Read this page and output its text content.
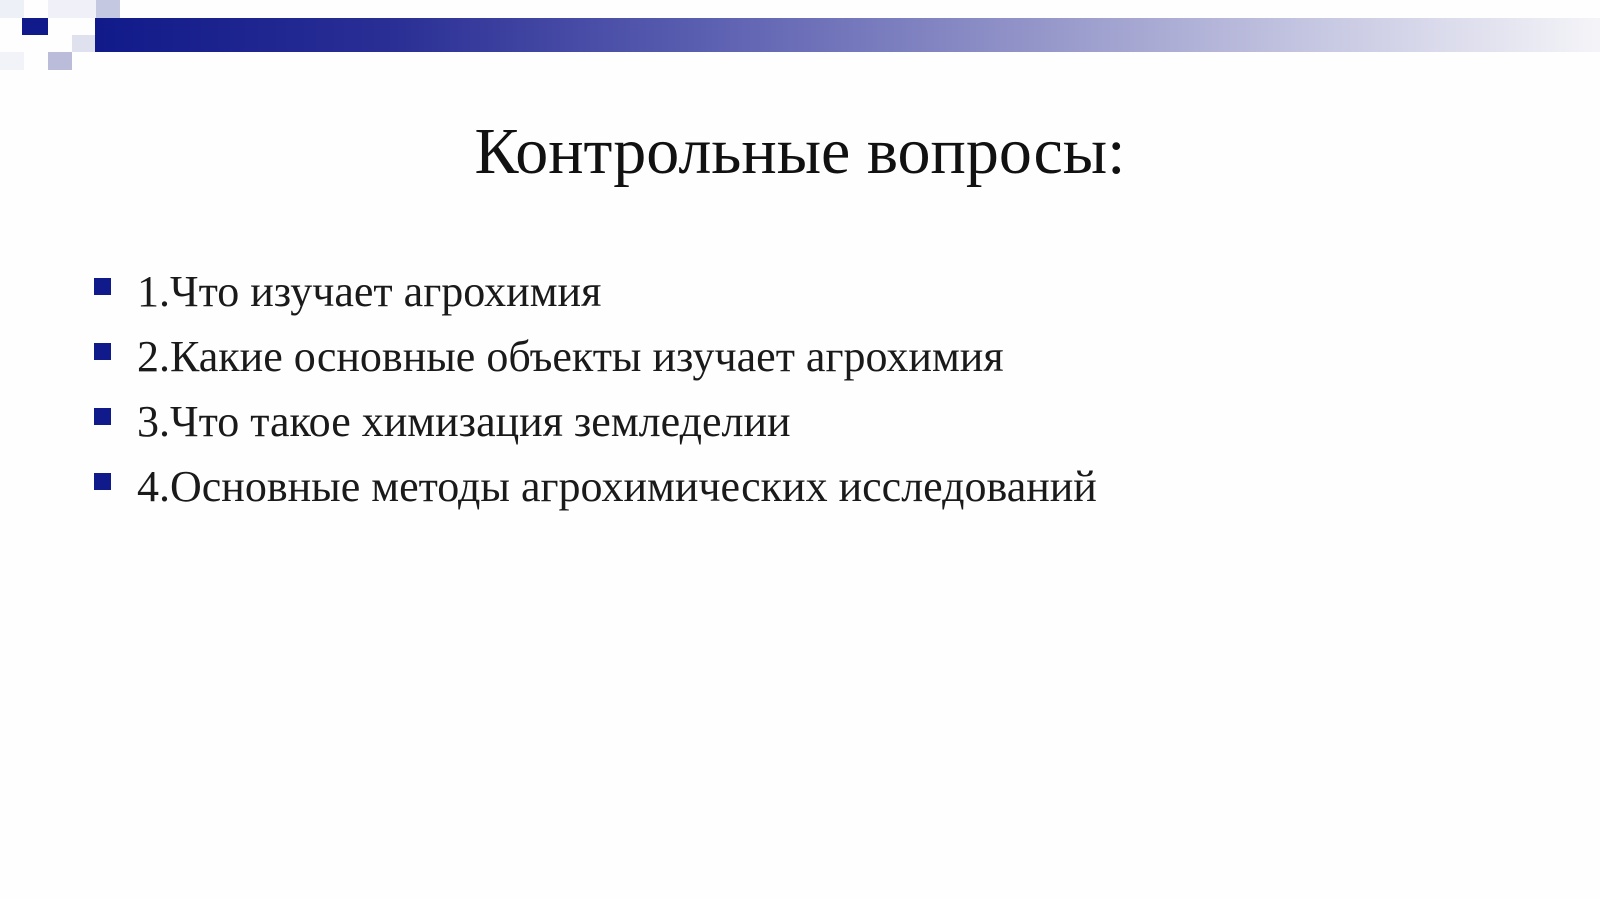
Контрольные вопросы:
1.Что изучает агрохимия
2.Какие основные объекты изучает агрохимия
3.Что такое химизация земледелии
4.Основные методы агрохимических исследований
